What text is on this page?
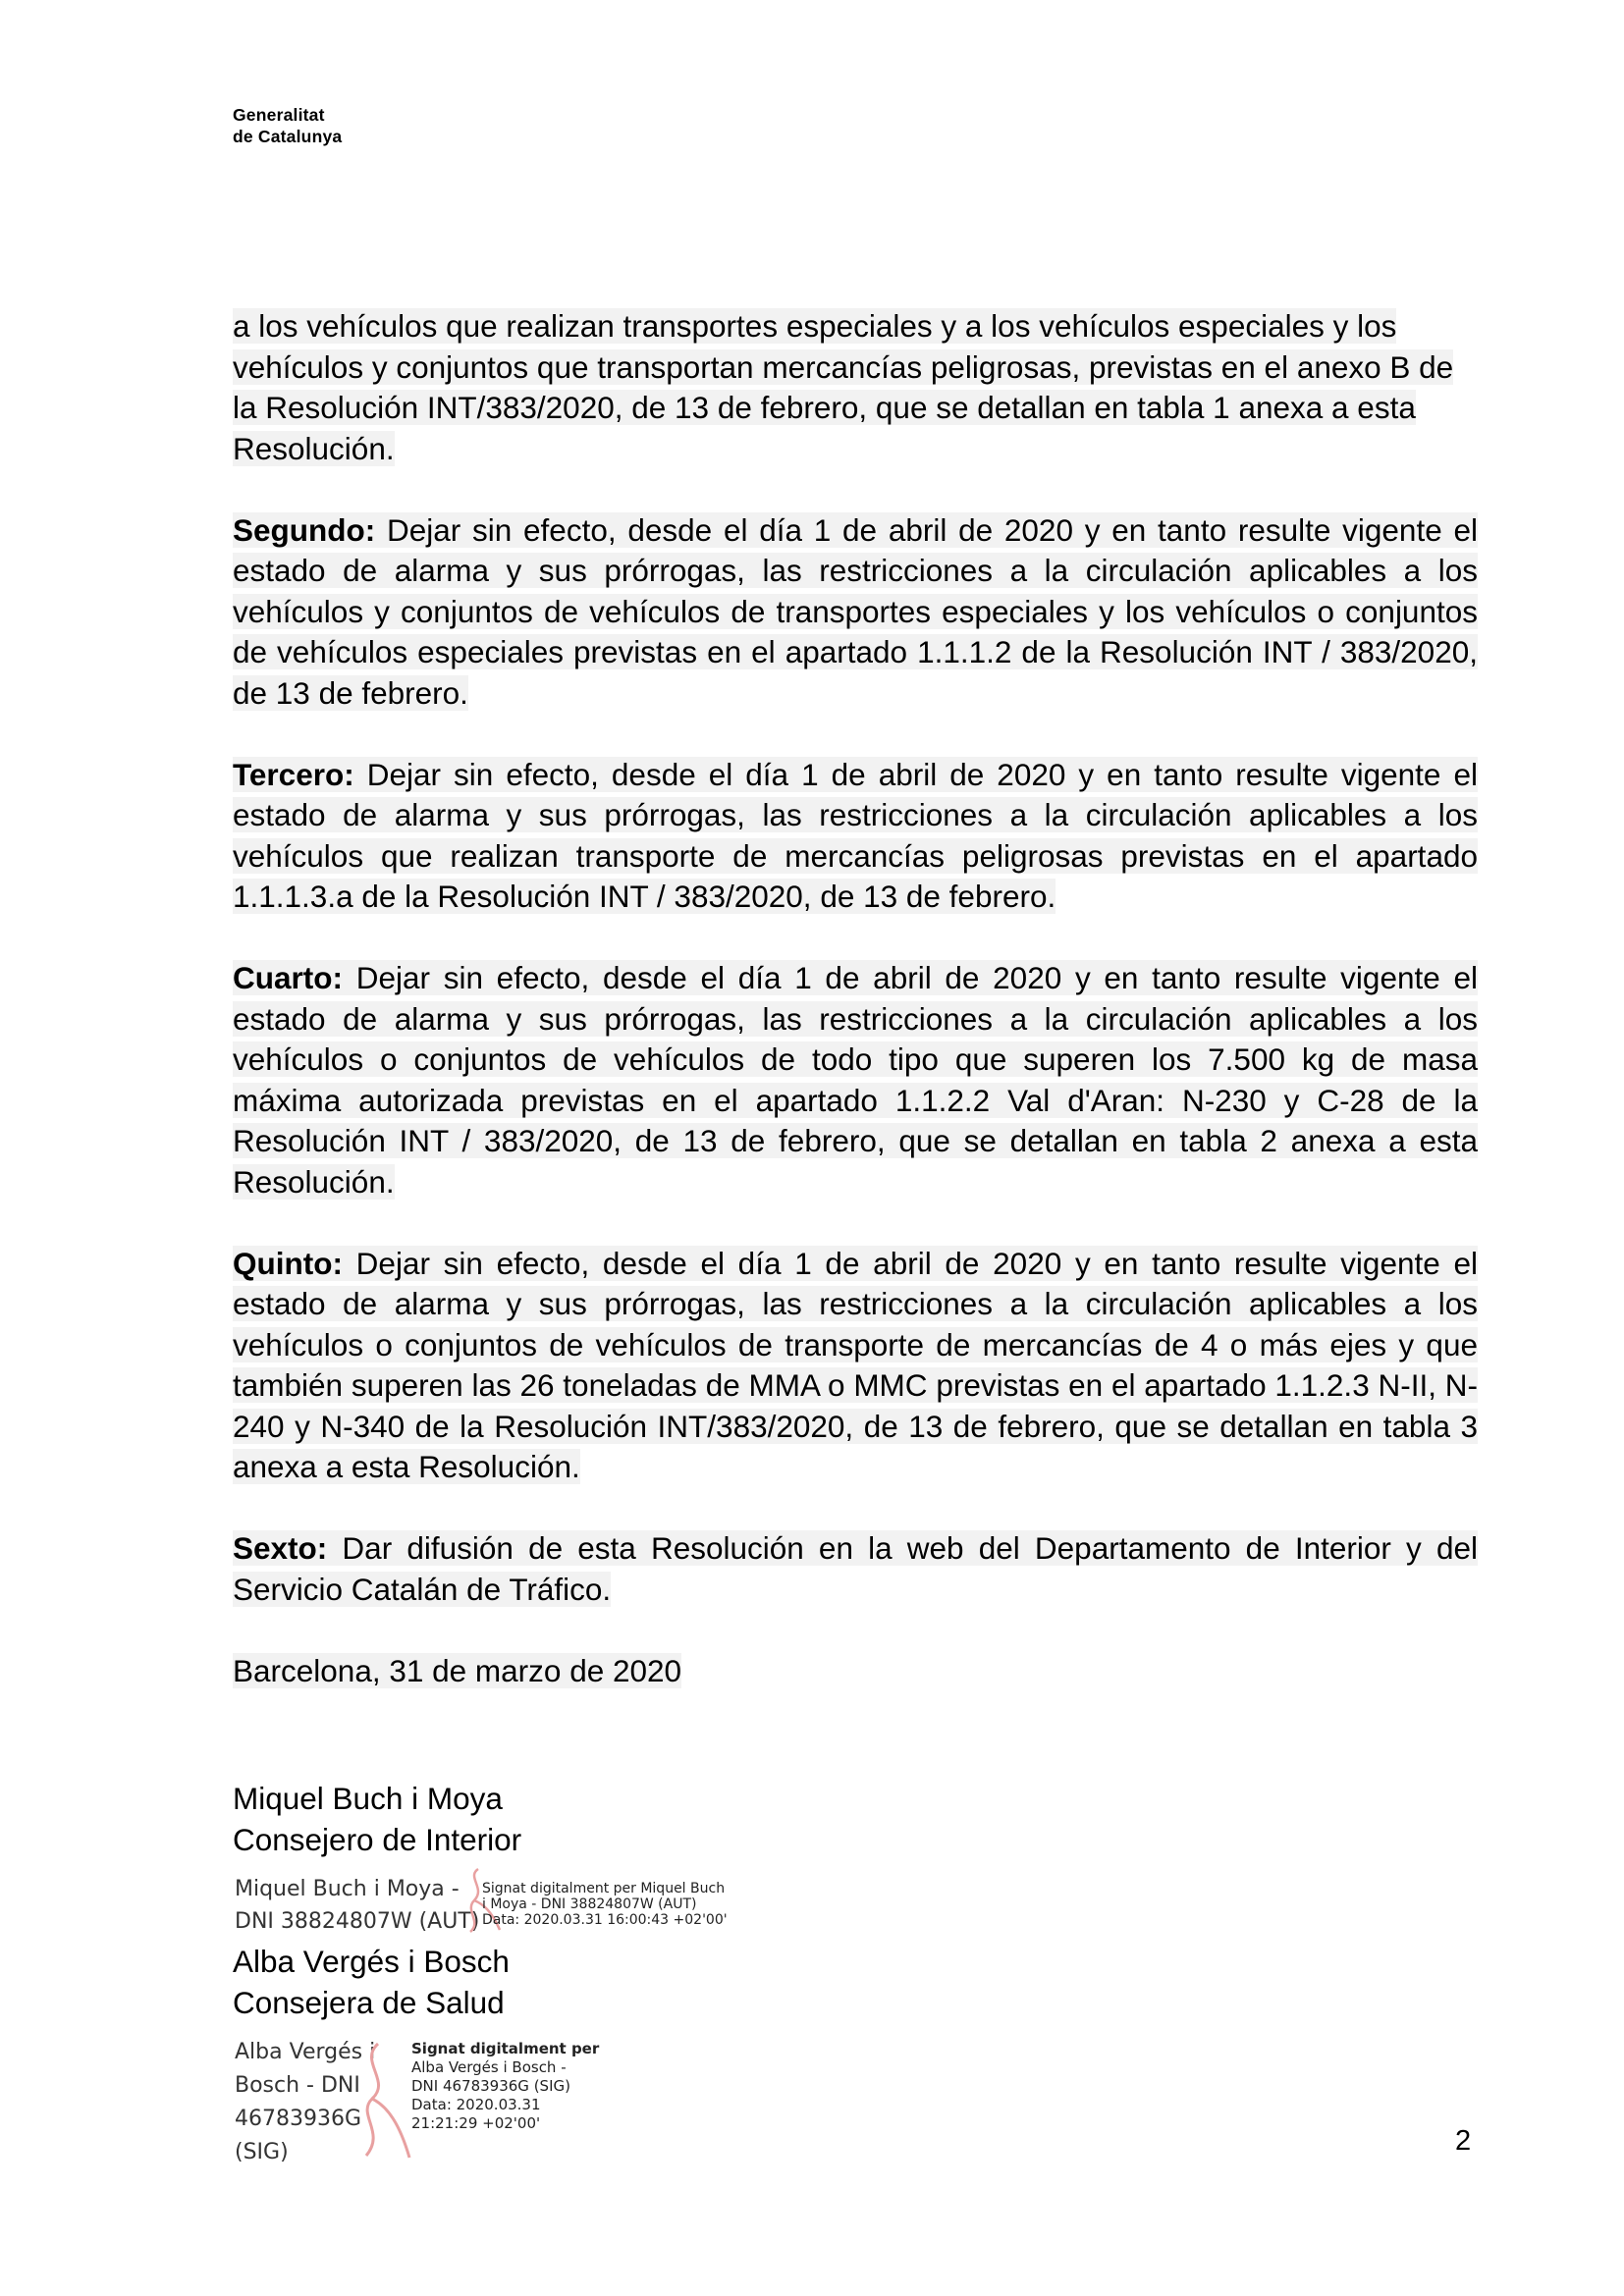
Generalitat
de Catalunya

a los vehículos que realizan transportes especiales y a los vehículos especiales y los vehículos y conjuntos que transportan mercancías peligrosas, previstas en el anexo B de la Resolución INT/383/2020, de 13 de febrero, que se detallan en tabla 1 anexa a esta Resolución.

Segundo: Dejar sin efecto, desde el día 1 de abril de 2020 y en tanto resulte vigente el estado de alarma y sus prórrogas, las restricciones a la circulación aplicables a los vehículos y conjuntos de vehículos de transportes especiales y los vehículos o conjuntos de vehículos especiales previstas en el apartado 1.1.1.2 de la Resolución INT / 383/2020, de 13 de febrero.

Tercero: Dejar sin efecto, desde el día 1 de abril de 2020 y en tanto resulte vigente el estado de alarma y sus prórrogas, las restricciones a la circulación aplicables a los vehículos que realizan transporte de mercancías peligrosas previstas en el apartado 1.1.1.3.a de la Resolución INT / 383/2020, de 13 de febrero.

Cuarto: Dejar sin efecto, desde el día 1 de abril de 2020 y en tanto resulte vigente el estado de alarma y sus prórrogas, las restricciones a la circulación aplicables a los vehículos o conjuntos de vehículos de todo tipo que superen los 7.500 kg de masa máxima autorizada previstas en el apartado 1.1.2.2 Val d'Aran: N-230 y C-28 de la Resolución INT / 383/2020, de 13 de febrero, que se detallan en tabla 2 anexa a esta Resolución.

Quinto: Dejar sin efecto, desde el día 1 de abril de 2020 y en tanto resulte vigente el estado de alarma y sus prórrogas, las restricciones a la circulación aplicables a los vehículos o conjuntos de vehículos de transporte de mercancías de 4 o más ejes y que también superen las 26 toneladas de MMA o MMC previstas en el apartado 1.1.2.3 N-II, N-240 y N-340 de la Resolución INT/383/2020, de 13 de febrero, que se detallan en tabla 3 anexa a esta Resolución.

Sexto: Dar difusión de esta Resolución en la web del Departamento de Interior y del Servicio Catalán de Tráfico.

Barcelona, 31 de marzo de 2020

Miquel Buch i Moya
Consejero de Interior
Miquel Buch i Moya -
DNI 38824807W (AUT)
Signat digitalment per Miquel Buch
i Moya - DNI 38824807W (AUT)
Data: 2020.03.31 16:00:43 +02'00'
Alba Vergés i Bosch
Consejera de Salud
Alba Vergés i
Bosch - DNI
46783936G
(SIG)
Signat digitalment per
Alba Vergés i Bosch -
DNI 46783936G (SIG)
Data: 2020.03.31
21:21:29 +02'00'
2
